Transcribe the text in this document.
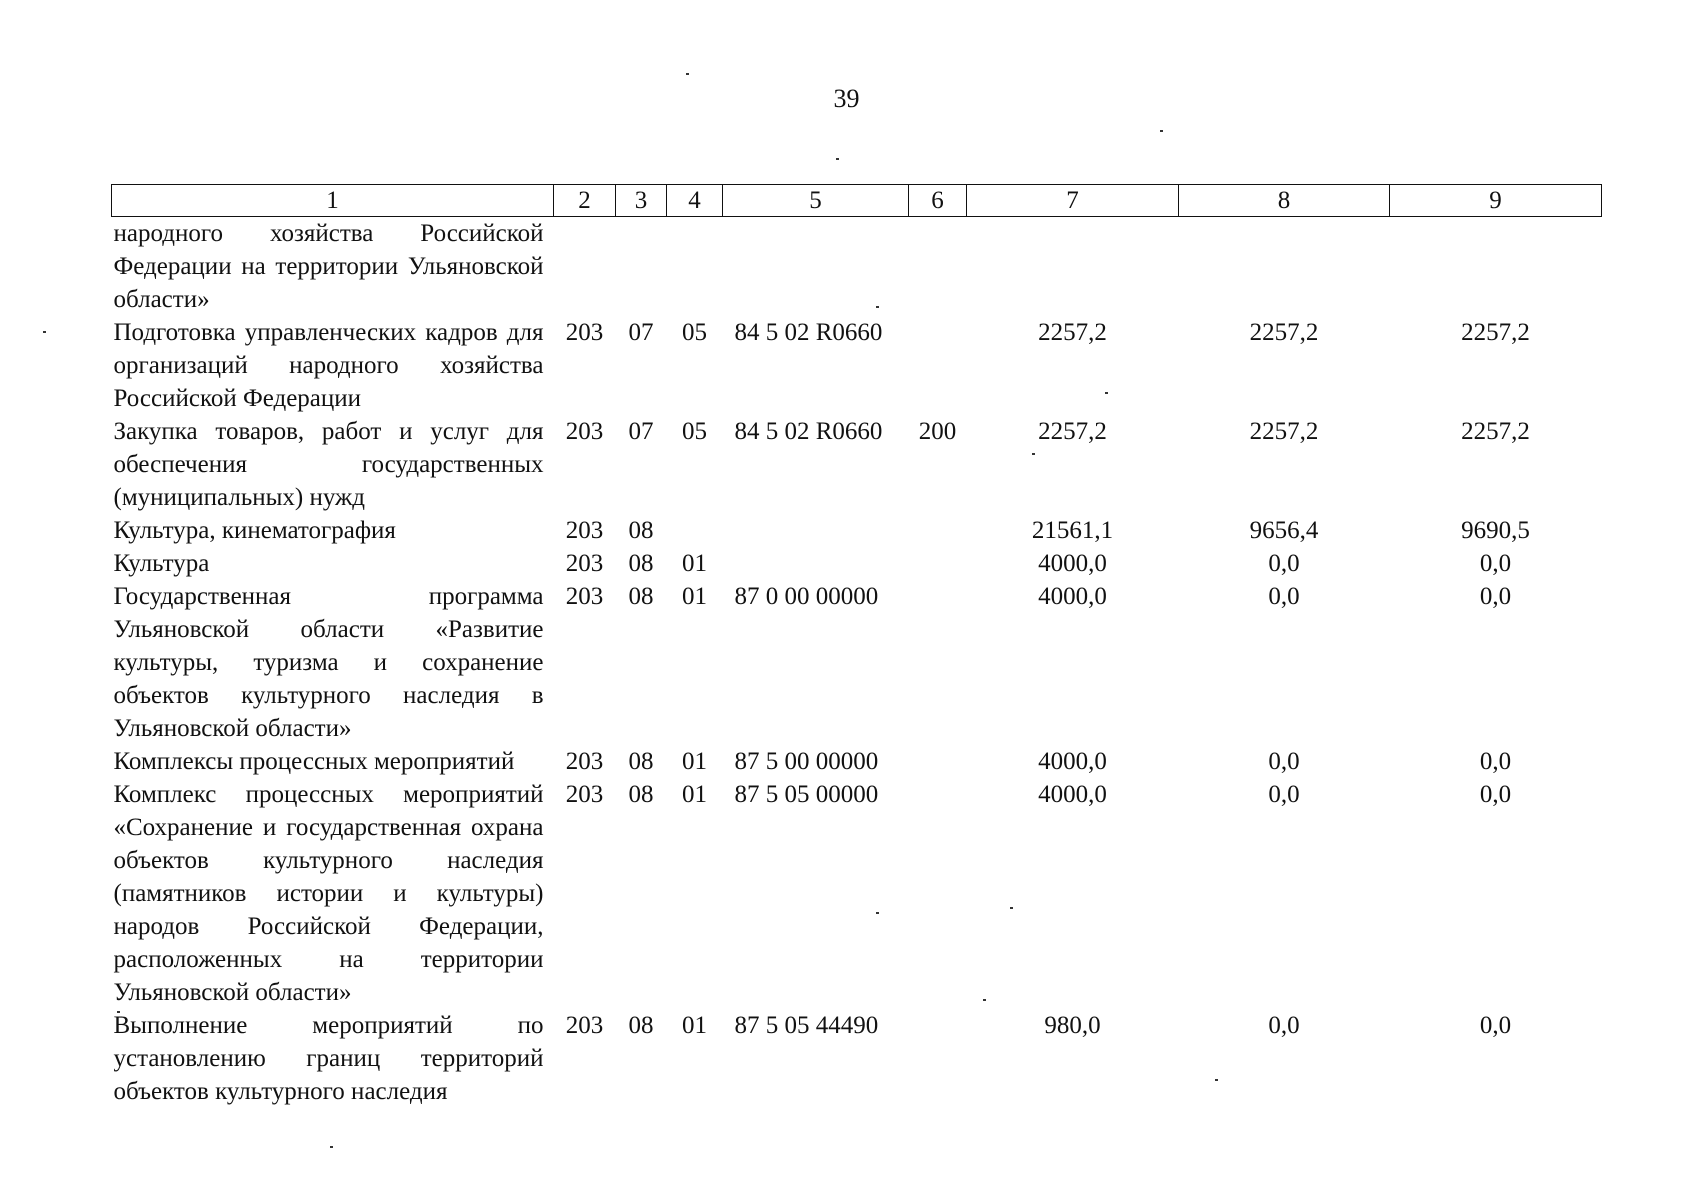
39
1	2	3	4	5	6	7	8	9
народного хозяйства Российской Федерации на территории Ульяновской области»								
Подготовка управленческих кадров для организаций народного хозяйства Российской Федерации	203	07	05	84 5 02 R0660		2257,2	2257,2	2257,2
Закупка товаров, работ и услуг для обеспечения государственных (муниципальных) нужд	203	07	05	84 5 02 R0660	200	2257,2	2257,2	2257,2
Культура, кинематография	203	08				21561,1	9656,4	9690,5
Культура	203	08	01			4000,0	0,0	0,0
Государственная программа Ульяновской области «Развитие культуры, туризма и сохранение объектов культурного наследия в Ульяновской области»	203	08	01	87 0 00 00000		4000,0	0,0	0,0
Комплексы процессных мероприятий	203	08	01	87 5 00 00000		4000,0	0,0	0,0
Комплекс процессных мероприятий «Сохранение и государственная охрана объектов культурного наследия (памятников истории и культуры) народов Российской Федерации, расположенных на территории Ульяновской области»	203	08	01	87 5 05 00000		4000,0	0,0	0,0
Выполнение мероприятий по установлению границ территорий объектов культурного наследия	203	08	01	87 5 05 44490		980,0	0,0	0,0
